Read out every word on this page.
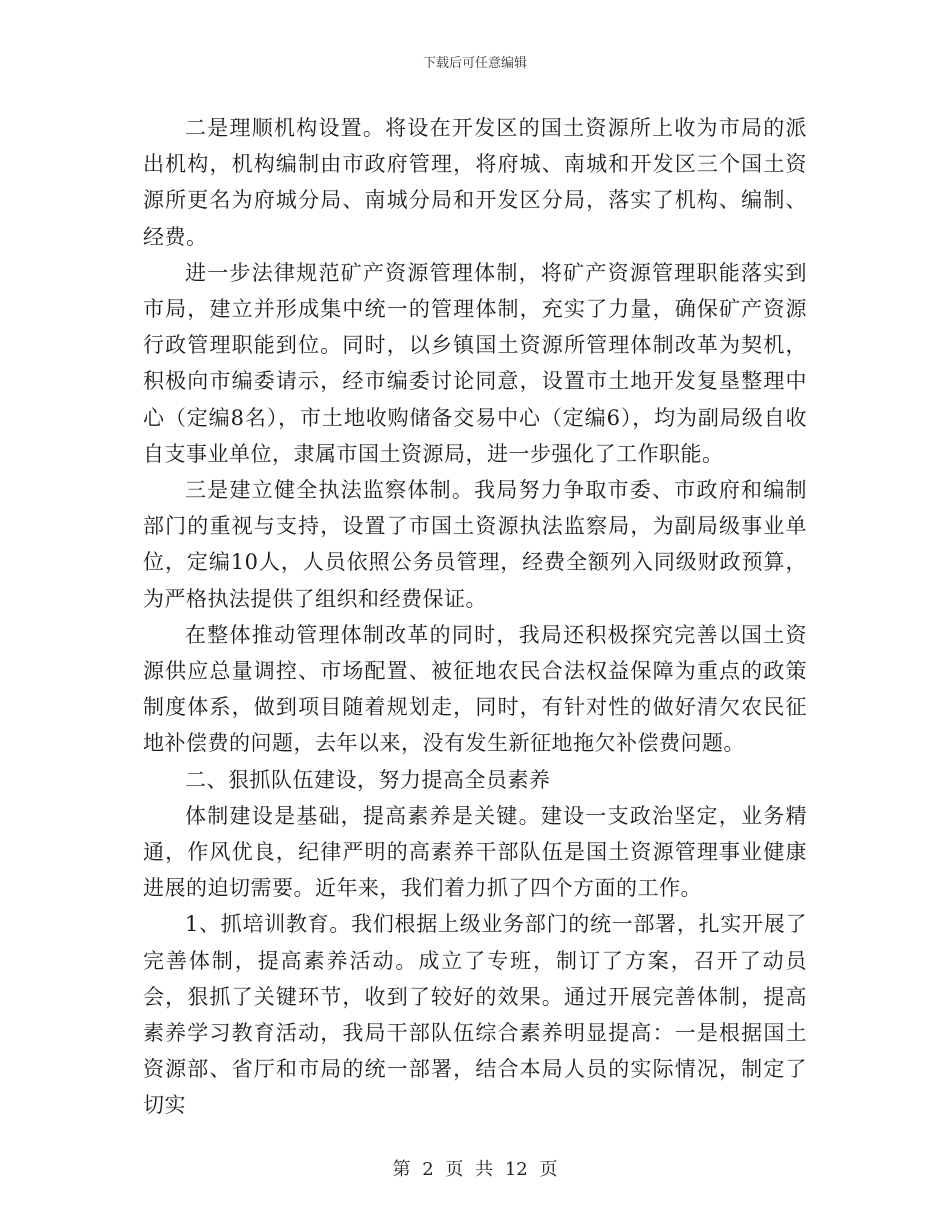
下载后可任意编辑

二是理顺机构设置。将设在开发区的国土资源所上收为市局的派出机构，机构编制由市政府管理，将府城、南城和开发区三个国土资源所更名为府城分局、南城分局和开发区分局，落实了机构、编制、经费。

进一步法律规范矿产资源管理体制，将矿产资源管理职能落实到市局，建立并形成集中统一的管理体制，充实了力量，确保矿产资源行政管理职能到位。同时，以乡镇国土资源所管理体制改革为契机，积极向市编委请示，经市编委讨论同意，设置市土地开发复垦整理中心（定编8名），市土地收购储备交易中心（定编6），均为副局级自收自支事业单位，隶属市国土资源局，进一步强化了工作职能。

三是建立健全执法监察体制。我局努力争取市委、市政府和编制部门的重视与支持，设置了市国土资源执法监察局，为副局级事业单位，定编10人，人员依照公务员管理，经费全额列入同级财政预算，为严格执法提供了组织和经费保证。

在整体推动管理体制改革的同时，我局还积极探究完善以国土资源供应总量调控、市场配置、被征地农民合法权益保障为重点的政策制度体系，做到项目随着规划走，同时，有针对性的做好清欠农民征地补偿费的问题，去年以来，没有发生新征地拖欠补偿费问题。

二、狠抓队伍建设，努力提高全员素养

体制建设是基础，提高素养是关键。建设一支政治坚定，业务精通，作风优良，纪律严明的高素养干部队伍是国土资源管理事业健康进展的迫切需要。近年来，我们着力抓了四个方面的工作。

1、抓培训教育。我们根据上级业务部门的统一部署，扎实开展了完善体制，提高素养活动。成立了专班，制订了方案，召开了动员会，狠抓了关键环节，收到了较好的效果。通过开展完善体制，提高素养学习教育活动，我局干部队伍综合素养明显提高：一是根据国土资源部、省厅和市局的统一部署，结合本局人员的实际情况，制定了切实

第 2 页 共 12 页
